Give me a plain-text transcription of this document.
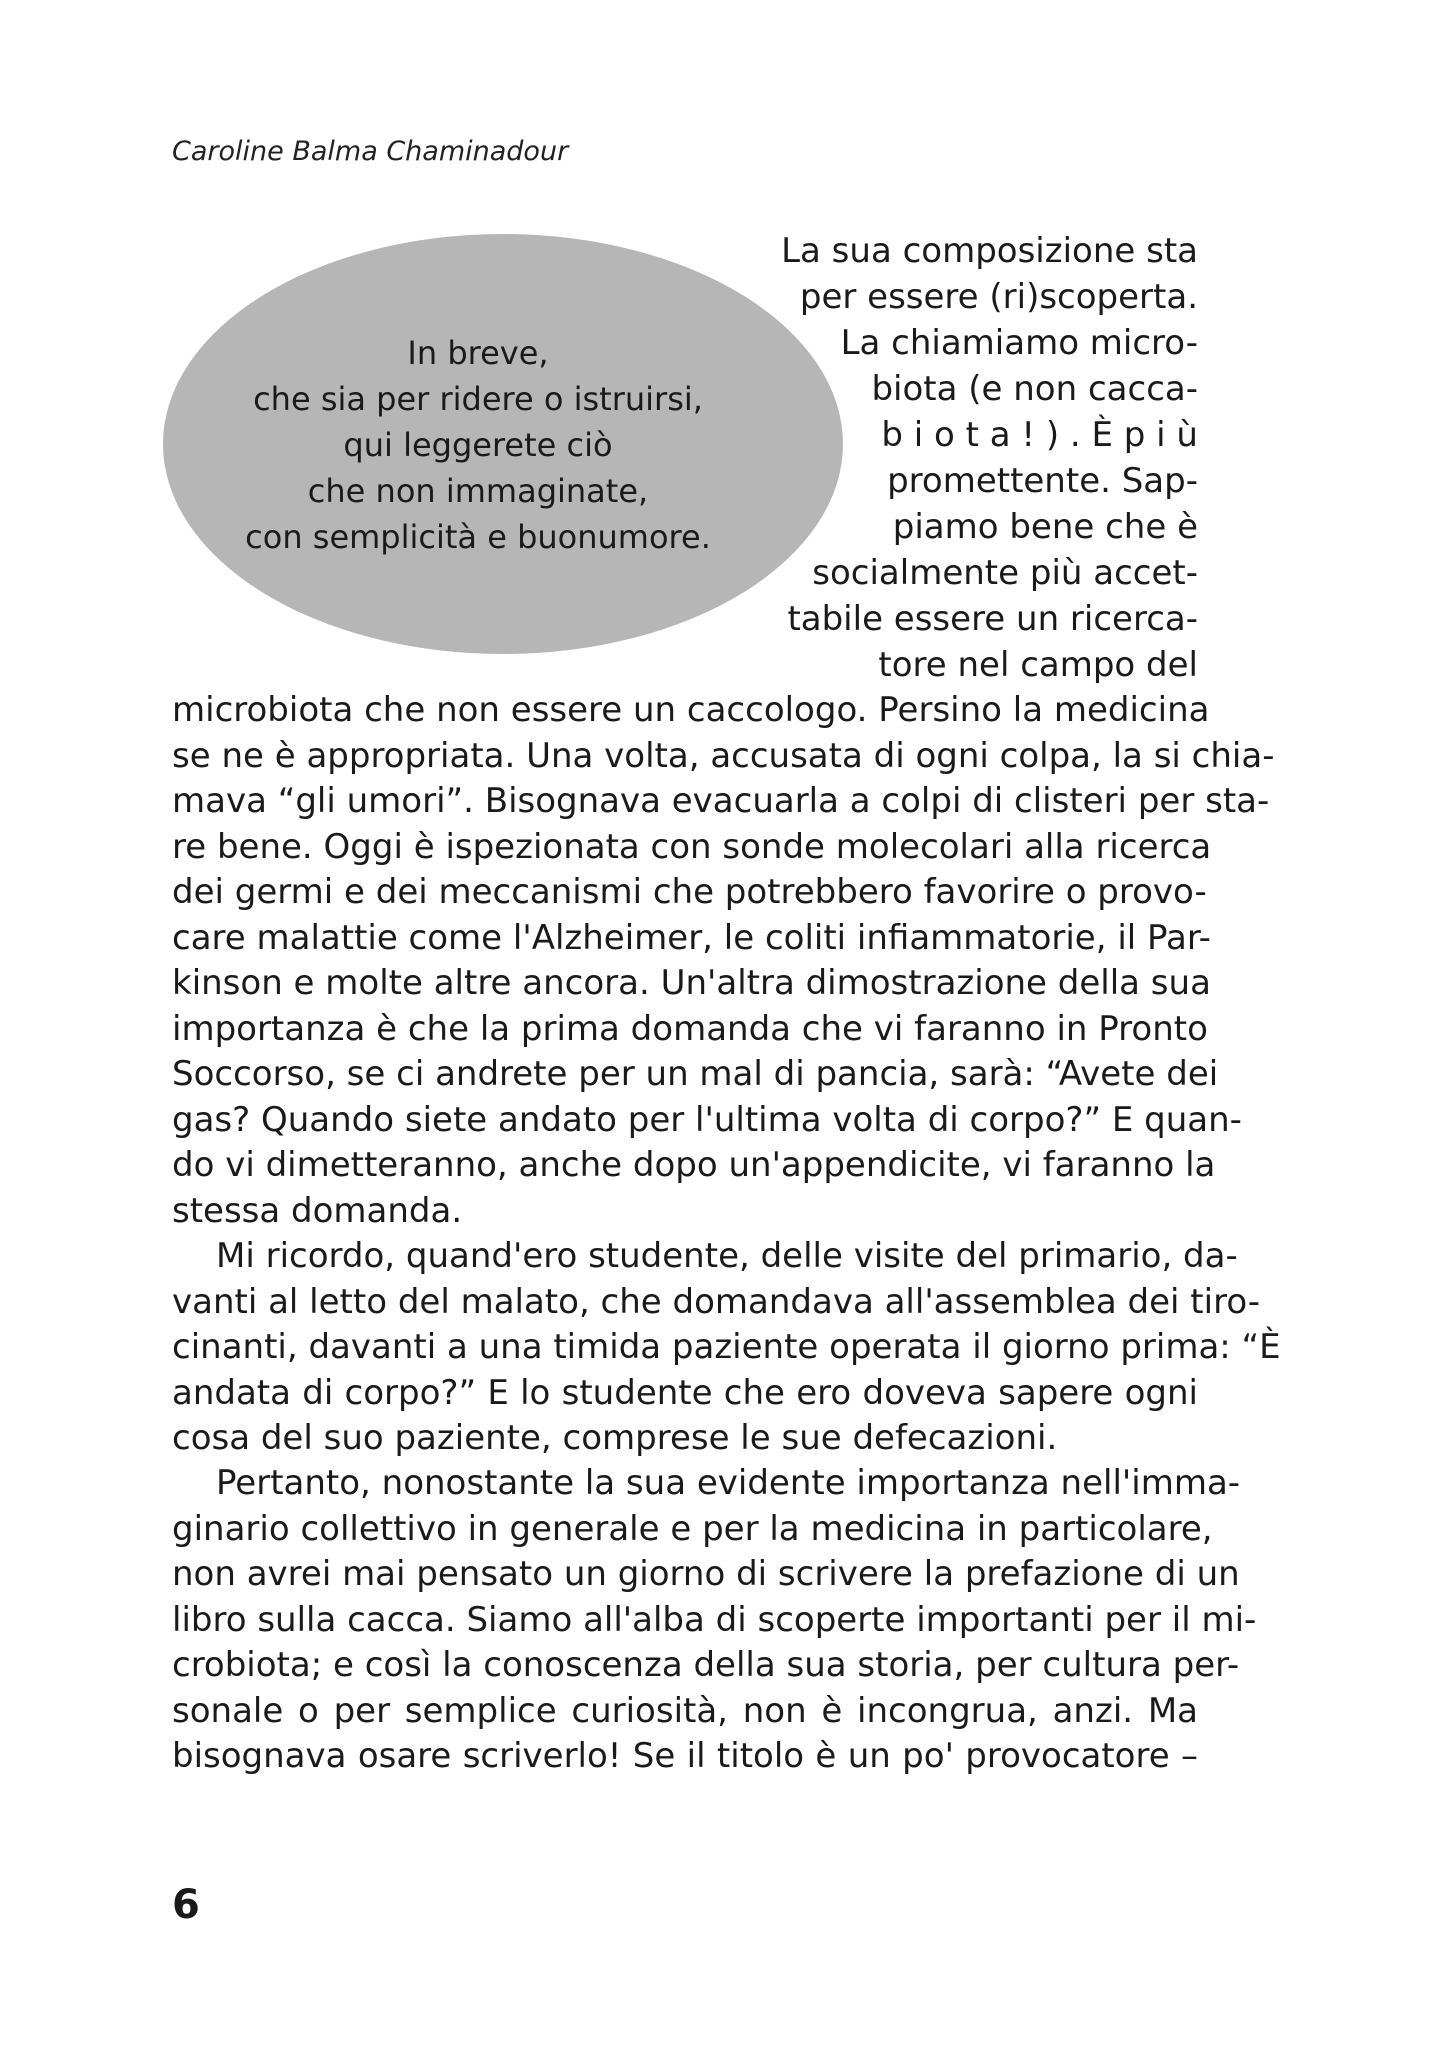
Caroline Balma Chaminadour
In breve,
che sia per ridere o istruirsi,
qui leggerete ciò
che non immaginate,
con semplicità e buonumore.
La sua composizione sta
per essere (ri)scoperta.
La chiamiamo micro-
biota (e non cacca-
b i o t a ! ) . È p i ù
promettente. Sap-
piamo bene che è
socialmente più accet-
tabile essere un ricerca-
tore nel campo del
microbiota che non essere un caccologo. Persino la medicina
se ne è appropriata. Una volta, accusata di ogni colpa, la si chia-
mava “gli umori”. Bisognava evacuarla a colpi di clisteri per sta-
re bene. Oggi è ispezionata con sonde molecolari alla ricerca
dei germi e dei meccanismi che potrebbero favorire o provo-
care malattie come l'Alzheimer, le coliti infiammatorie, il Par-
kinson e molte altre ancora. Un'altra dimostrazione della sua
importanza è che la prima domanda che vi faranno in Pronto
Soccorso, se ci andrete per un mal di pancia, sarà: “Avete dei
gas? Quando siete andato per l'ultima volta di corpo?” E quan-
do vi dimetteranno, anche dopo un'appendicite, vi faranno la
stessa domanda.
Mi ricordo, quand'ero studente, delle visite del primario, da-
vanti al letto del malato, che domandava all'assemblea dei tiro-
cinanti, davanti a una timida paziente operata il giorno prima: “È
andata di corpo?” E lo studente che ero doveva sapere ogni
cosa del suo paziente, comprese le sue defecazioni.
Pertanto, nonostante la sua evidente importanza nell'imma-
ginario collettivo in generale e per la medicina in particolare,
non avrei mai pensato un giorno di scrivere la prefazione di un
libro sulla cacca. Siamo all'alba di scoperte importanti per il mi-
crobiota; e così la conoscenza della sua storia, per cultura per-
sonale o per semplice curiosità, non è incongrua, anzi. Ma
bisognava osare scriverlo! Se il titolo è un po' provocatore –
6
